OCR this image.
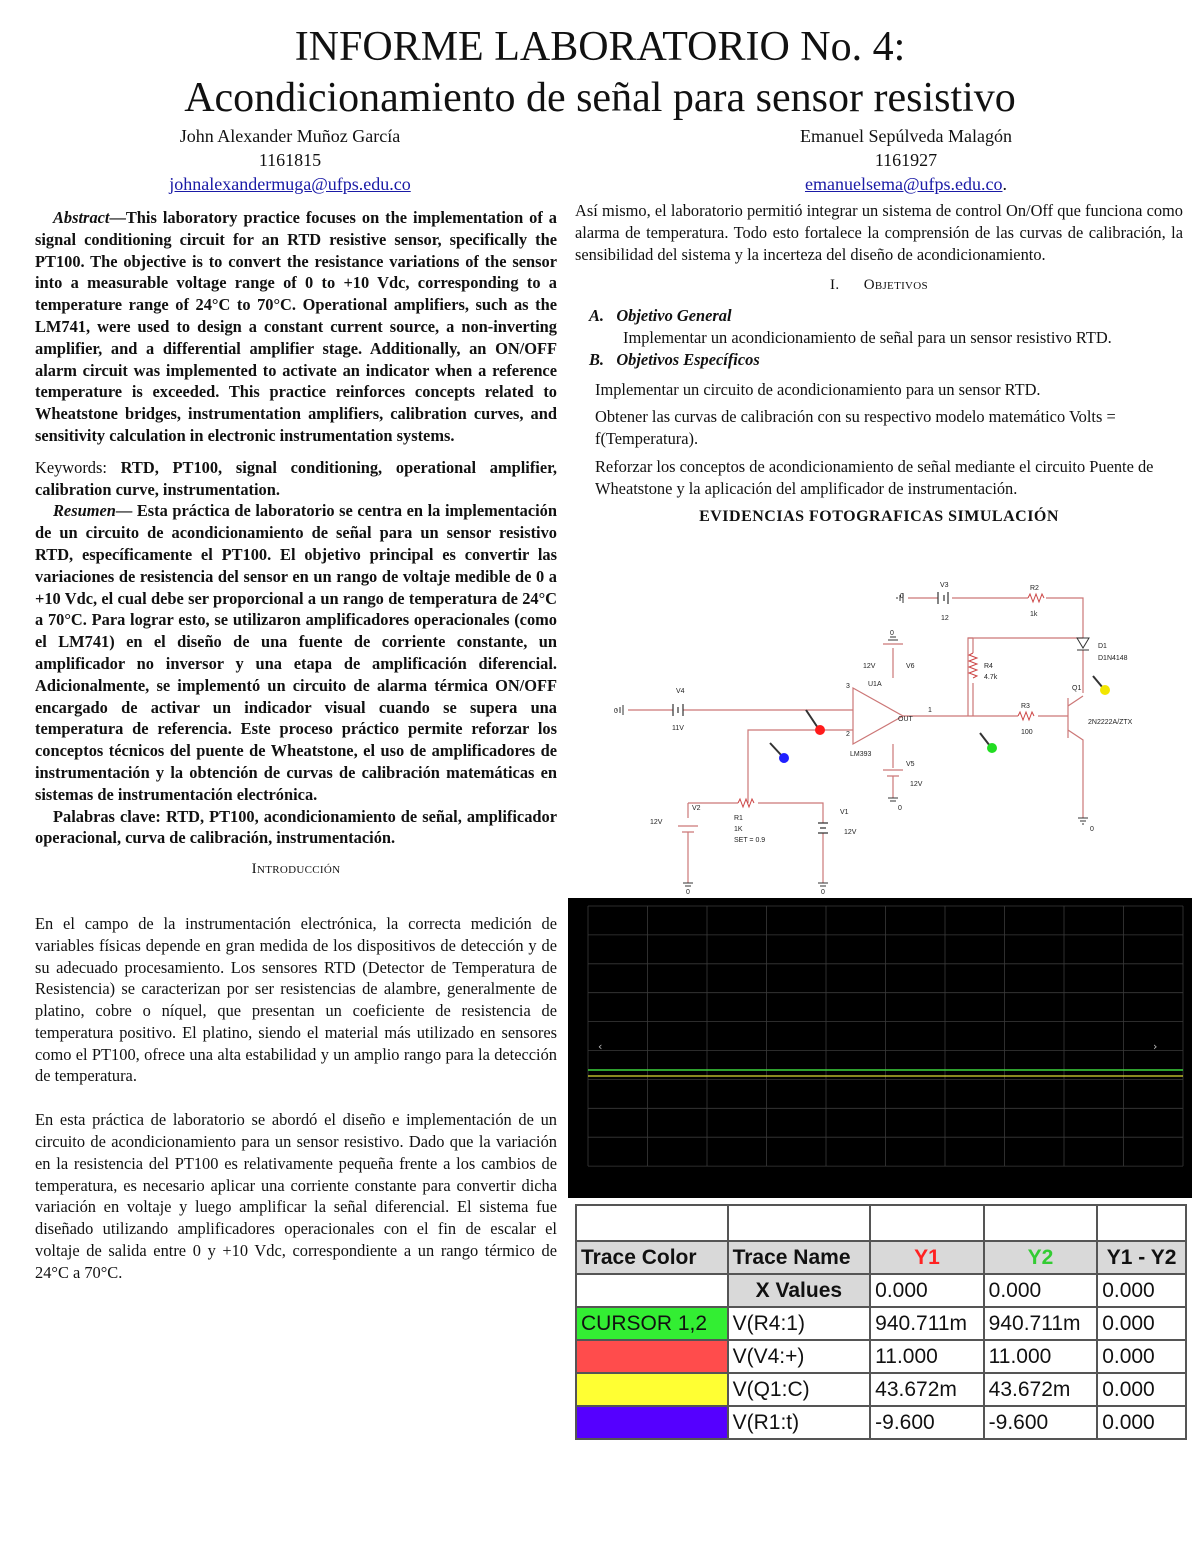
INFORME LABORATORIO No. 4:
Acondicionamiento de señal para sensor resistivo
John Alexander Muñoz García
1161815
johnalexandermuga@ufps.edu.co
Emanuel Sepúlveda Malagón
1161927
emanuelsema@ufps.edu.co.

Abstract—This laboratory practice focuses on the implementation of a signal conditioning circuit for an RTD resistive sensor, specifically the PT100. The objective is to convert the resistance variations of the sensor into a measurable voltage range of 0 to +10 Vdc, corresponding to a temperature range of 24°C to 70°C. Operational amplifiers, such as the LM741, were used to design a constant current source, a non-inverting amplifier, and a differential amplifier stage. Additionally, an ON/OFF alarm circuit was implemented to activate an indicator when a reference temperature is exceeded. This practice reinforces concepts related to Wheatstone bridges, instrumentation amplifiers, calibration curves, and sensitivity calculation in electronic instrumentation systems.

Keywords: RTD, PT100, signal conditioning, operational amplifier, calibration curve, instrumentation.

Resumen— Esta práctica de laboratorio se centra en la implementación de un circuito de acondicionamiento de señal para un sensor resistivo RTD, específicamente el PT100. El objetivo principal es convertir las variaciones de resistencia del sensor en un rango de voltaje medible de 0 a +10 Vdc, el cual debe ser proporcional a un rango de temperatura de 24°C a 70°C. Para lograr esto, se utilizaron amplificadores operacionales (como el LM741) en el diseño de una fuente de corriente constante, un amplificador no inversor y una etapa de amplificación diferencial. Adicionalmente, se implementó un circuito de alarma térmica ON/OFF encargado de activar un indicador visual cuando se supera una temperatura de referencia. Este proceso práctico permite reforzar los conceptos técnicos del puente de Wheatstone, el uso de amplificadores de instrumentación y la obtención de curvas de calibración matemáticas en sistemas de instrumentación electrónica.

Palabras clave: RTD, PT100, acondicionamiento de señal, amplificador operacional, curva de calibración, instrumentación.

Introducción

En el campo de la instrumentación electrónica, la correcta medición de variables físicas depende en gran medida de los dispositivos de detección y de su adecuado procesamiento. Los sensores RTD (Detector de Temperatura de Resistencia) se caracterizan por ser resistencias de alambre, generalmente de platino, cobre o níquel, que presentan un coeficiente de resistencia de temperatura positivo. El platino, siendo el material más utilizado en sensores como el PT100, ofrece una alta estabilidad y un amplio rango para la detección de temperatura.

En esta práctica de laboratorio se abordó el diseño e implementación de un circuito de acondicionamiento para un sensor resistivo. Dado que la variación en la resistencia del PT100 es relativamente pequeña frente a los cambios de temperatura, es necesario aplicar una corriente constante para convertir dicha variación en voltaje y luego amplificar la señal diferencial. El sistema fue diseñado utilizando amplificadores operacionales con el fin de escalar el voltaje de salida entre 0 y +10 Vdc, correspondiente a un rango térmico de 24°C a 70°C.

Así mismo, el laboratorio permitió integrar un sistema de control On/Off que funciona como alarma de temperatura. Todo esto fortalece la comprensión de las curvas de calibración, la sensibilidad del sistema y la incerteza del diseño de acondicionamiento.

I. Objetivos
A. Objetivo General

Implementar un acondicionamiento de señal para un sensor resistivo RTD.

B. Objetivos Específicos

Implementar un circuito de acondicionamiento para un sensor RTD.

Obtener las curvas de calibración con su respectivo modelo matemático Volts = f(Temperatura).

Reforzar los conceptos de acondicionamiento de señal mediante el circuito Puente de Wheatstone y la aplicación del amplificador de instrumentación.

EVIDENCIAS FOTOGRAFICAS SIMULACIÓN
V3
12
R2
1k
D1
D1N4148
0
12V	V6
U1A
R4
4.7k
V4
11V
0
0
Q1
2N2222A/ZTX
R3
100
3
2
1
OUT
LM393
V5
12V
0
V2
12V
R1
1K
SET = 0.9
V1
12V
0	0
0
‹	›

Trace Color	Trace Name	Y1	Y2	Y1 - Y2
	X Values	0.000	0.000	0.000
CURSOR 1,2	V(R4:1)	940.711m	940.711m	0.000
	V(V4:+)	11.000	11.000	0.000
	V(Q1:C)	43.672m	43.672m	0.000
	V(R1:t)	-9.600	-9.600	0.000
